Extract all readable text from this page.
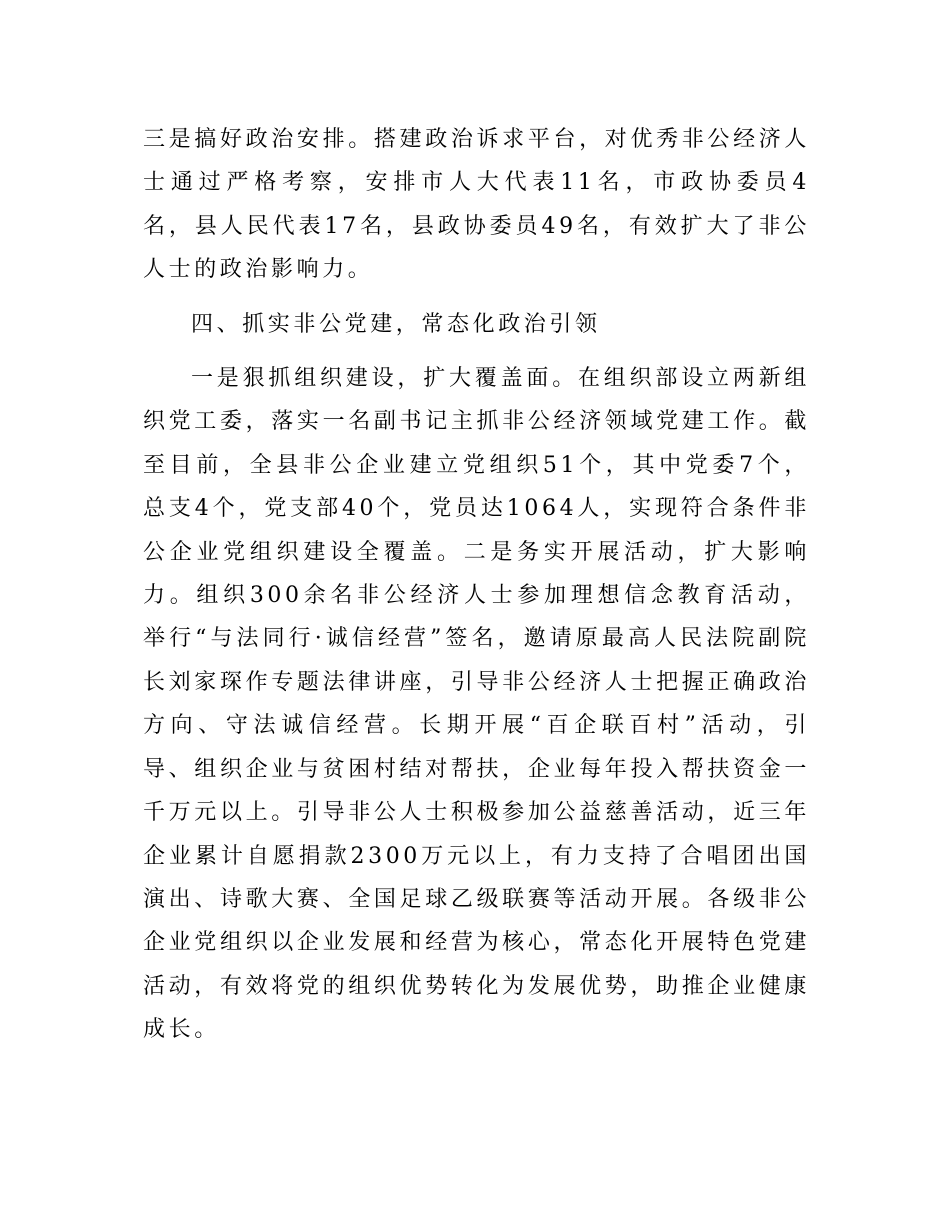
三是搞好政治安排。搭建政治诉求平台，对优秀非公经济人士通过严格考察，安排市人大代表11名，市政协委员4名，县人民代表17名，县政协委员49名，有效扩大了非公人士的政治影响力。

四、抓实非公党建，常态化政治引领

一是狠抓组织建设，扩大覆盖面。在组织部设立两新组织党工委，落实一名副书记主抓非公经济领域党建工作。截至目前，全县非公企业建立党组织51个，其中党委7个，总支4个，党支部40个，党员达1064人，实现符合条件非公企业党组织建设全覆盖。二是务实开展活动，扩大影响力。组织300余名非公经济人士参加理想信念教育活动，举行“与法同行·诚信经营”签名，邀请原最高人民法院副院长刘家琛作专题法律讲座，引导非公经济人士把握正确政治方向、守法诚信经营。长期开展“百企联百村”活动，引导、组织企业与贫困村结对帮扶，企业每年投入帮扶资金一千万元以上。引导非公人士积极参加公益慈善活动，近三年企业累计自愿捐款2300万元以上，有力支持了合唱团出国演出、诗歌大赛、全国足球乙级联赛等活动开展。各级非公企业党组织以企业发展和经营为核心，常态化开展特色党建活动，有效将党的组织优势转化为发展优势，助推企业健康成长。
